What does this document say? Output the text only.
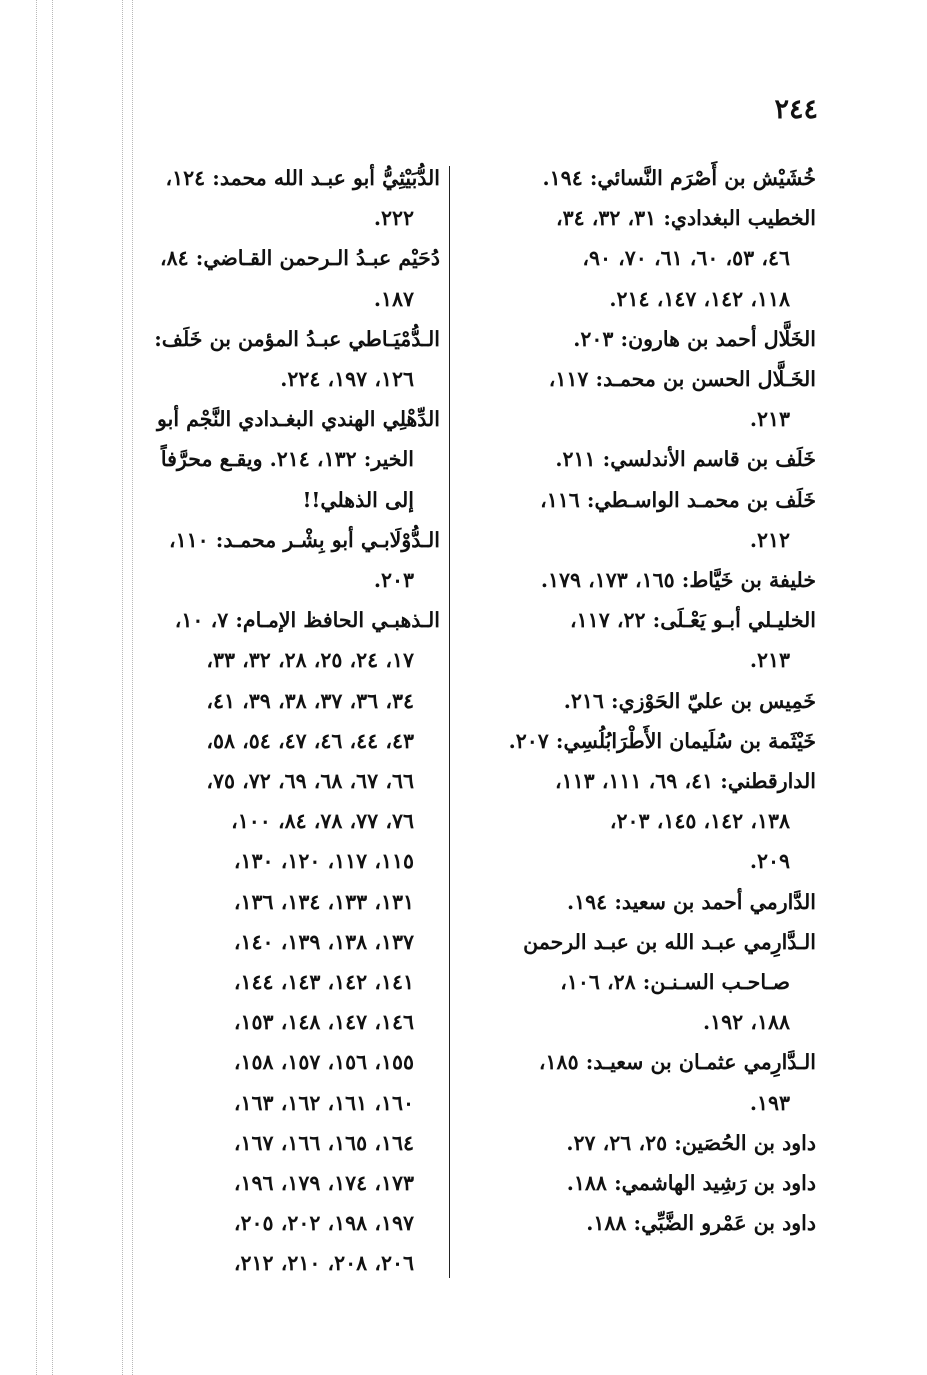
٢٤٤
خُشَيْش بن أَصْرَم النَّسائي: ١٩٤.
الخطيب البغدادي: ٣١، ٣٢، ٣٤،
٤٦، ٥٣، ٦٠، ٦١، ٧٠، ٩٠،
١١٨، ١٤٢، ١٤٧، ٢١٤.
الخَلَّال أحمد بن هارون: ٢٠٣.
الخَـلَّال الحسن بن محمـد: ١١٧،
٢١٣.
خَلَف بن قاسم الأندلسي: ٢١١.
خَلَف بن محمـد الواسـطي: ١١٦،
٢١٢.
خليفة بن خَيَّاط: ١٦٥، ١٧٣، ١٧٩.
الخليـلي أبـو يَعْـلَى: ٢٢، ١١٧،
٢١٣.
خَمِيس بن عليّ الحَوْزي: ٢١٦.
خَيْثَمة بن سُلَيمان الأَطْرَابُلُسِي: ٢٠٧.
الدارقطني: ٤١، ٦٩، ١١١، ١١٣،
١٣٨، ١٤٢، ١٤٥، ٢٠٣،
٢٠٩.
الدَّارمي أحمد بن سعيد: ١٩٤.
الـدَّارِمي عبـد الله بن عبـد الرحمن
صـاحـب السـنـن: ٢٨، ١٠٦،
١٨٨، ١٩٢.
الـدَّارِمي عثمـان بن سعيـد: ١٨٥،
١٩٣.
داود بن الحُصَين: ٢٥، ٢٦، ٢٧.
داود بن رَشِيد الهاشمي: ١٨٨.
داود بن عَمْرو الضَّبِّي: ١٨٨.
الدُّبَيْثِيُّ أبو عبـد الله محمد: ١٢٤،
٢٢٢.
دُحَيْم عبـدُ الـرحمن القـاضي: ٨٤،
١٨٧.
الـدُّمْيَـاطي عبـدُ المؤمن بن خَلَف:
١٢٦، ١٩٧، ٢٢٤.
الدِّهْلِي الهندي البغـدادي النَّجْم أبو
الخير: ١٣٢، ٢١٤. ويقـع محرَّفاً
إلى الذهلي!!
الـدُّوْلَابـي أبو بِشْـر محمـد: ١١٠،
٢٠٣.
الـذهبـي الحافظ الإمـام: ٧، ١٠،
١٧، ٢٤، ٢٥، ٢٨، ٣٢، ٣٣،
٣٤، ٣٦، ٣٧، ٣٨، ٣٩، ٤١،
٤٣، ٤٤، ٤٦، ٤٧، ٥٤، ٥٨،
٦٦، ٦٧، ٦٨، ٦٩، ٧٢، ٧٥،
٧٦، ٧٧، ٧٨، ٨٤، ١٠٠،
١١٥، ١١٧، ١٢٠، ١٣٠،
١٣١، ١٣٣، ١٣٤، ١٣٦،
١٣٧، ١٣٨، ١٣٩، ١٤٠،
١٤١، ١٤٢، ١٤٣، ١٤٤،
١٤٦، ١٤٧، ١٤٨، ١٥٣،
١٥٥، ١٥٦، ١٥٧، ١٥٨،
١٦٠، ١٦١، ١٦٢، ١٦٣،
١٦٤، ١٦٥، ١٦٦، ١٦٧،
١٧٣، ١٧٤، ١٧٩، ١٩٦،
١٩٧، ١٩٨، ٢٠٢، ٢٠٥،
٢٠٦، ٢٠٨، ٢١٠، ٢١٢،
